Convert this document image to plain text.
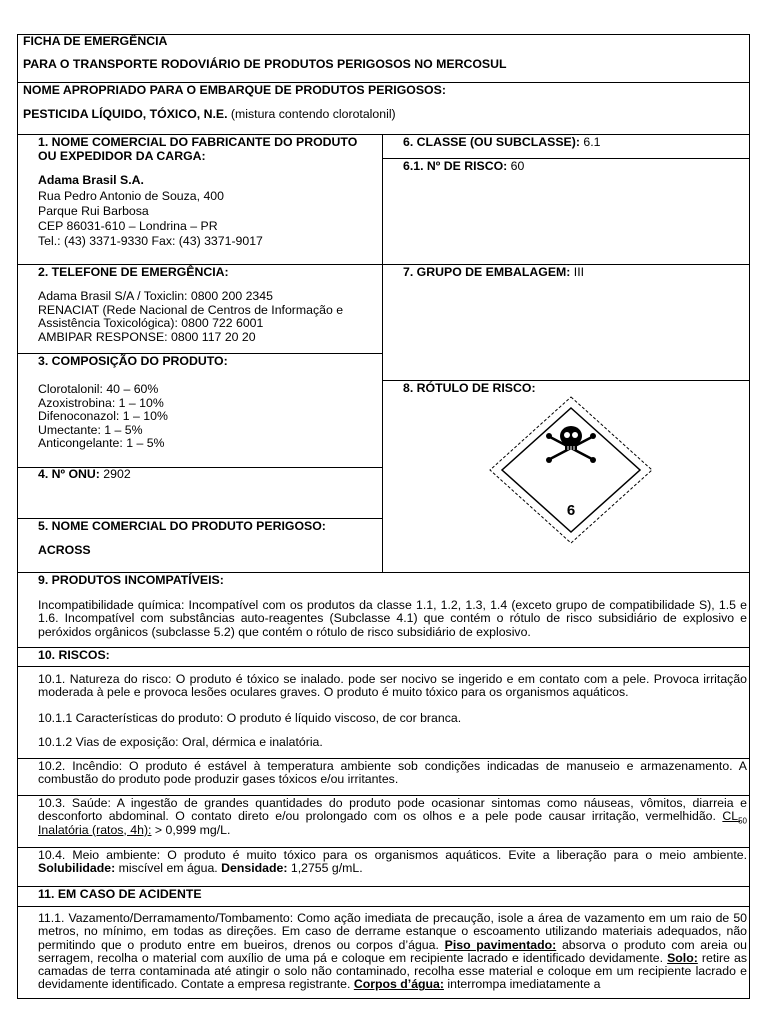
FICHA DE EMERGÊNCIA
PARA O TRANSPORTE RODOVIÁRIO DE PRODUTOS PERIGOSOS NO MERCOSUL
NOME APROPRIADO PARA O EMBARQUE DE PRODUTOS PERIGOSOS:
PESTICIDA LÍQUIDO, TÓXICO, N.E. (mistura contendo clorotalonil)
1. NOME COMERCIAL DO FABRICANTE DO PRODUTO
OU EXPEDIDOR DA CARGA:
Adama Brasil S.A.
Rua Pedro Antonio de Souza, 400
Parque Rui Barbosa
CEP 86031-610 – Londrina – PR
Tel.: (43) 3371-9330 Fax: (43) 3371-9017
2. TELEFONE DE EMERGÊNCIA:
Adama Brasil S/A / Toxiclin: 0800 200 2345
RENACIAT (Rede Nacional de Centros de Informação e
Assistência Toxicológica): 0800 722 6001
AMBIPAR RESPONSE: 0800 117 20 20
3. COMPOSIÇÃO DO PRODUTO:
Clorotalonil: 40 – 60%
Azoxistrobina: 1 – 10%
Difenoconazol: 1 – 10%
Umectante: 1 – 5%
Anticongelante: 1 – 5%
4. Nº ONU: 2902
5. NOME COMERCIAL DO PRODUTO PERIGOSO:
ACROSS
6. CLASSE (OU SUBCLASSE): 6.1
6.1. Nº DE RISCO: 60
7. GRUPO DE EMBALAGEM: III
8. RÓTULO DE RISCO:
6
9. PRODUTOS INCOMPATÍVEIS:
Incompatibilidade química: Incompatível com os produtos da classe 1.1, 1.2, 1.3, 1.4 (exceto grupo de compatibilidade S), 1.5 e 1.6. Incompatível com substâncias auto-reagentes (Subclasse 4.1) que contém o rótulo de risco subsidiário de explosivo e peróxidos orgânicos (subclasse 5.2) que contém o rótulo de risco subsidiário de explosivo.
10. RISCOS:
10.1. Natureza do risco: O produto é tóxico se inalado. pode ser nocivo se ingerido e em contato com a pele. Provoca irritação moderada à pele e provoca lesões oculares graves. O produto é muito tóxico para os organismos aquáticos.
10.1.1 Características do produto: O produto é líquido viscoso, de cor branca.
10.1.2 Vias de exposição: Oral, dérmica e inalatória.
10.2. Incêndio: O produto é estável à temperatura ambiente sob condições indicadas de manuseio e armazenamento. A combustão do produto pode produzir gases tóxicos e/ou irritantes.
10.3. Saúde: A ingestão de grandes quantidades do produto pode ocasionar sintomas como náuseas, vômitos, diarreia e desconforto abdominal. O contato direto e/ou prolongado com os olhos e a pele pode causar irritação, vermelhidão. $CL_{50}$ Inalatória (ratos, 4h): > 0,999 mg/L.
10.4. Meio ambiente: O produto é muito tóxico para os organismos aquáticos. Evite a liberação para o meio ambiente. Solubilidade: miscível em água. Densidade: 1,2755 g/mL.
11. EM CASO DE ACIDENTE
11.1. Vazamento/Derramamento/Tombamento: Como ação imediata de precaução, isole a área de vazamento em um raio de 50 metros, no mínimo, em todas as direções. Em caso de derrame estanque o escoamento utilizando materiais adequados, não permitindo que o produto entre em bueiros, drenos ou corpos d’água. Piso pavimentado: absorva o produto com areia ou serragem, recolha o material com auxílio de uma pá e coloque em recipiente lacrado e identificado devidamente. Solo: retire as camadas de terra contaminada até atingir o solo não contaminado, recolha esse material e coloque em um recipiente lacrado e devidamente identificado. Contate a empresa registrante. Corpos d’água: interrompa imediatamente a
